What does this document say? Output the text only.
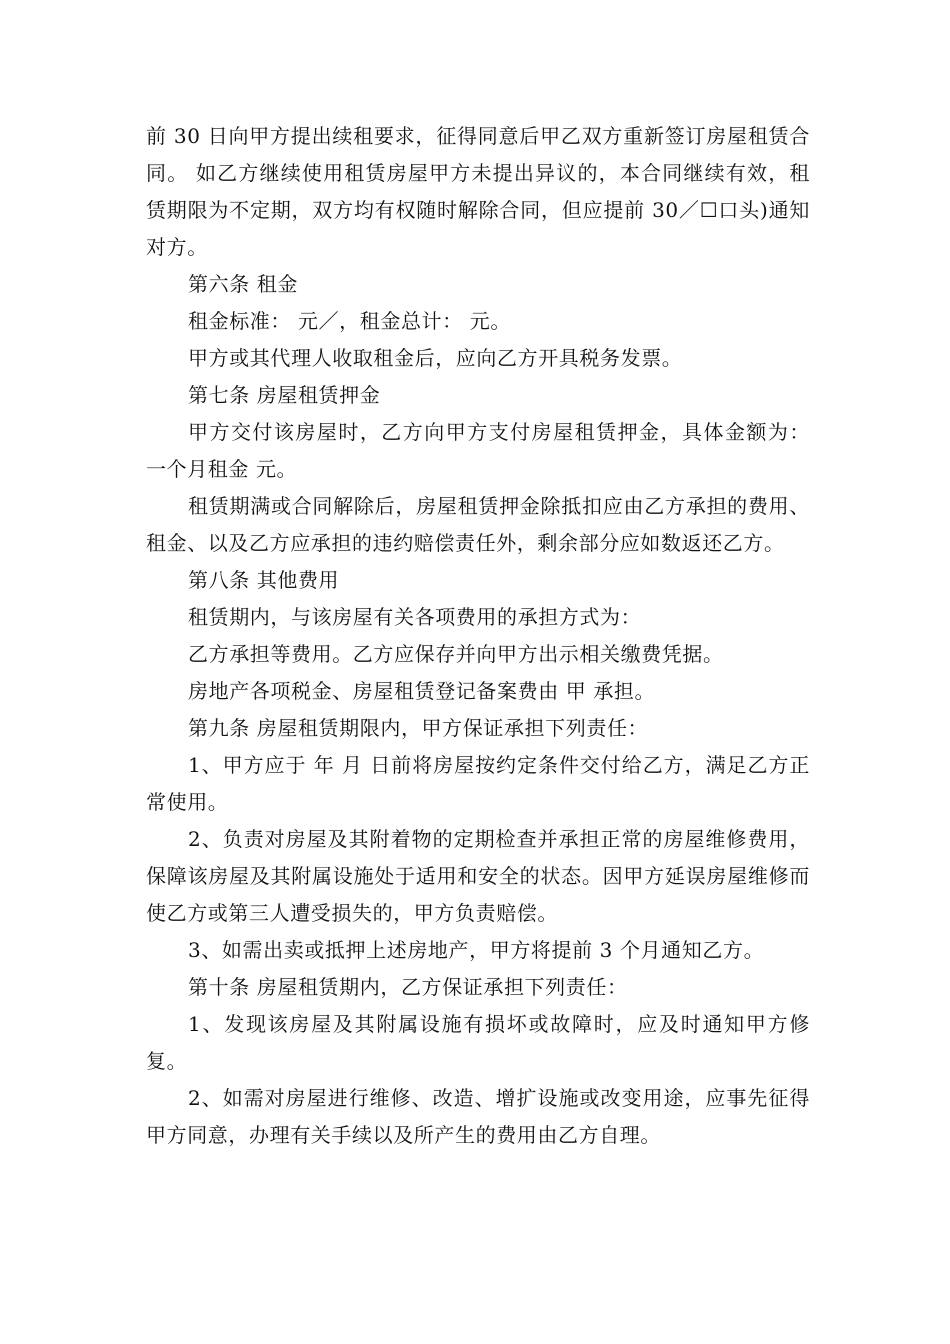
前 30 日向甲方提出续租要求，征得同意后甲乙双方重新签订房屋租赁合同。 如乙方继续使用租赁房屋甲方未提出异议的，本合同继续有效，租赁期限为不定期，双方均有权随时解除合同，但应提前 30／☐口头)通知对方。

第六条 租金

租金标准： 元／，租金总计： 元。

甲方或其代理人收取租金后，应向乙方开具税务发票。

第七条 房屋租赁押金

甲方交付该房屋时，乙方向甲方支付房屋租赁押金，具体金额为： 一个月租金 元。

租赁期满或合同解除后，房屋租赁押金除抵扣应由乙方承担的费用、租金、以及乙方应承担的违约赔偿责任外，剩余部分应如数返还乙方。

第八条 其他费用

租赁期内，与该房屋有关各项费用的承担方式为：

乙方承担等费用。乙方应保存并向甲方出示相关缴费凭据。

房地产各项税金、房屋租赁登记备案费由 甲 承担。

第九条 房屋租赁期限内，甲方保证承担下列责任：

1、甲方应于 年 月 日前将房屋按约定条件交付给乙方，满足乙方正常使用。

2、负责对房屋及其附着物的定期检查并承担正常的房屋维修费用，保障该房屋及其附属设施处于适用和安全的状态。因甲方延误房屋维修而使乙方或第三人遭受损失的，甲方负责赔偿。

3、如需出卖或抵押上述房地产，甲方将提前 3 个月通知乙方。

第十条 房屋租赁期内，乙方保证承担下列责任：

1、发现该房屋及其附属设施有损坏或故障时，应及时通知甲方修复。

2、如需对房屋进行维修、改造、增扩设施或改变用途，应事先征得甲方同意，办理有关手续以及所产生的费用由乙方自理。
